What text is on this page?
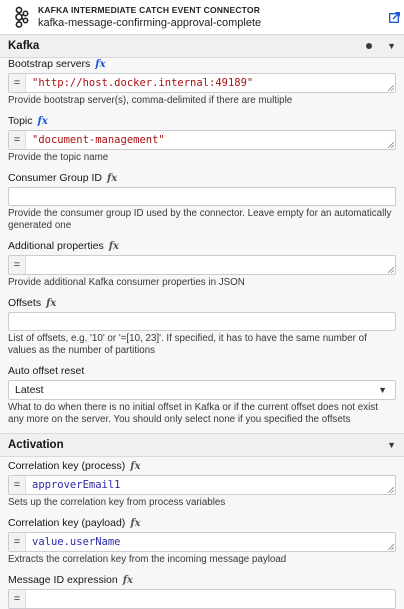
KAFKA INTERMEDIATE CATCH EVENT CONNECTOR
kafka-message-confirming-approval-complete
Kafka	▼
Bootstrap servers fx
=	"http://host.docker.internal:49189"
Provide bootstrap server(s), comma-delimited if there are multiple
Topic fx
=	"document-management"
Provide the topic name
Consumer Group ID fx
Provide the consumer group ID used by the connector. Leave empty for an automatically generated one
Additional properties fx
=
Provide additional Kafka consumer properties in JSON
Offsets fx
List of offsets, e.g. '10' or '=[10, 23]'. If specified, it has to have the same number of values as the number of partitions
Auto offset reset
Latest	▼
What to do when there is no initial offset in Kafka or if the current offset does not exist any more on the server. You should only select none if you specified the offsets
Activation	▼
Correlation key (process) fx
=	approverEmail1
Sets up the correlation key from process variables
Correlation key (payload) fx
=	value.userName
Extracts the correlation key from the incoming message payload
Message ID expression fx
=
